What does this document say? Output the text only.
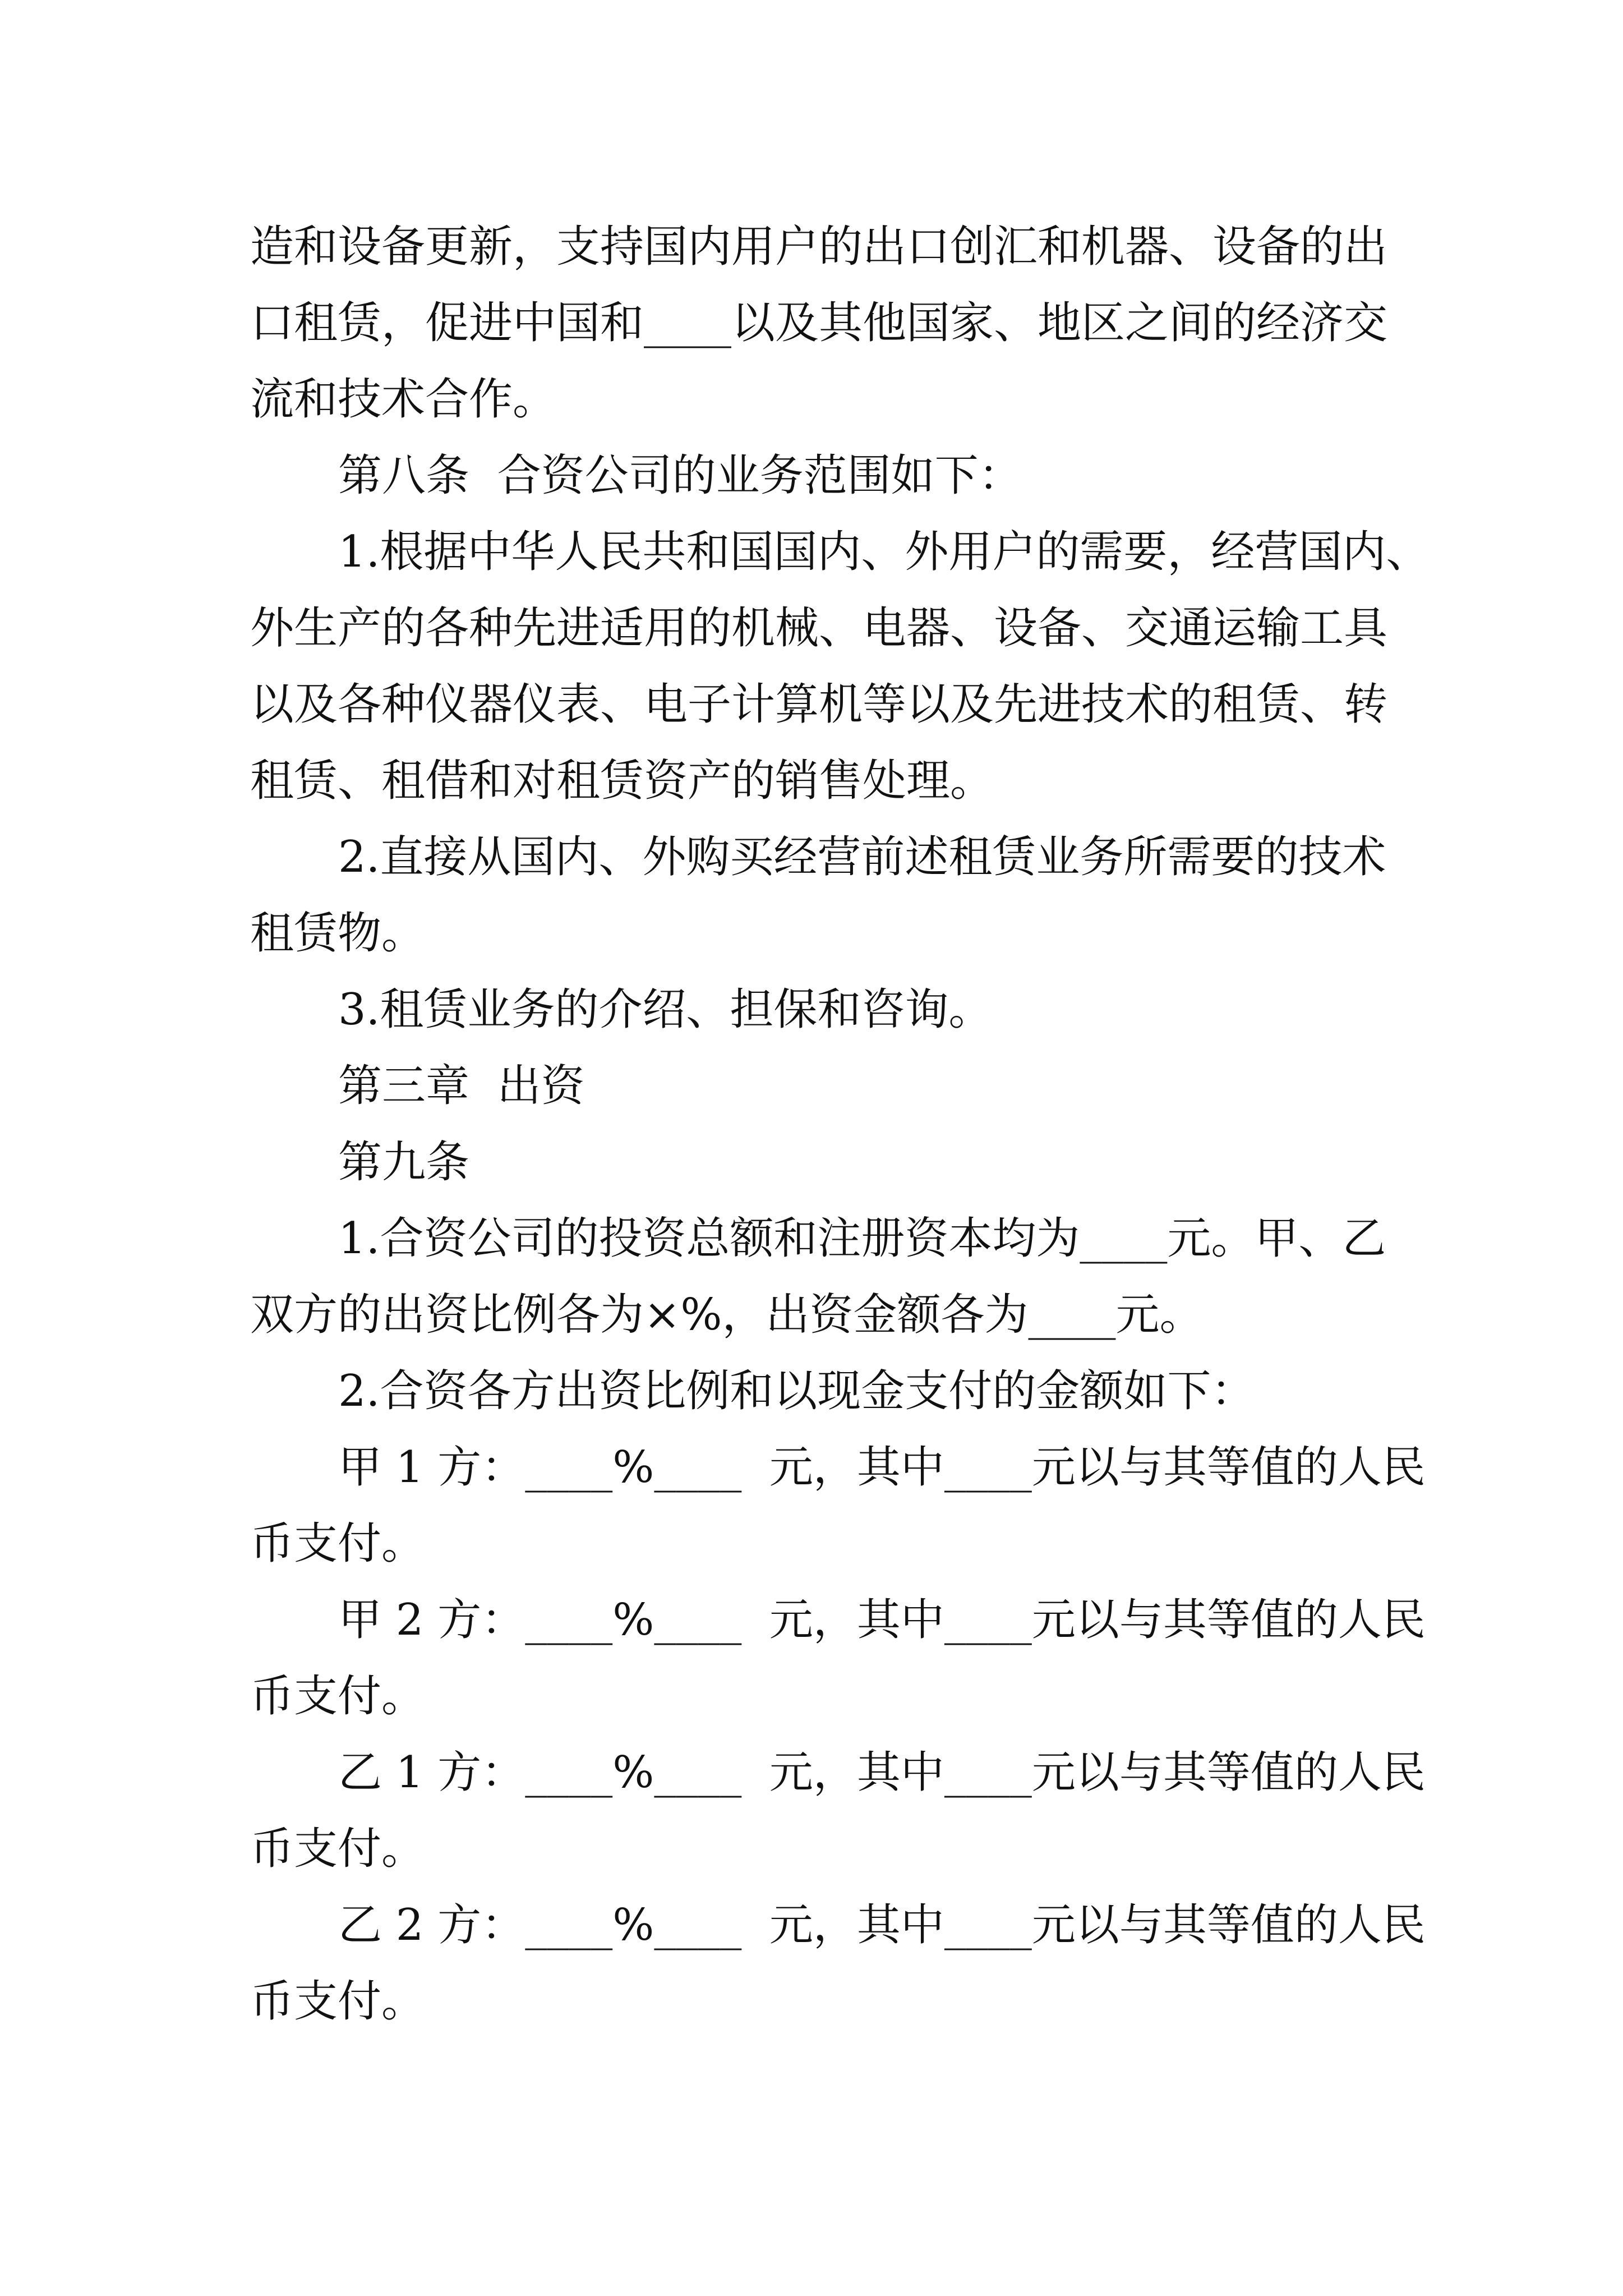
造和设备更新，支持国内用户的出口创汇和机器、设备的出
口租赁，促进中国和____以及其他国家、地区之间的经济交
流和技术合作。
第八条  合资公司的业务范围如下：
1.根据中华人民共和国国内、外用户的需要，经营国内、
外生产的各种先进适用的机械、电器、设备、交通运输工具
以及各种仪器仪表、电子计算机等以及先进技术的租赁、转
租赁、租借和对租赁资产的销售处理。
2.直接从国内、外购买经营前述租赁业务所需要的技术
租赁物。
3.租赁业务的介绍、担保和咨询。
第三章  出资
第九条
1.合资公司的投资总额和注册资本均为____元。甲、乙
双方的出资比例各为×%，出资金额各为____元。
2.合资各方出资比例和以现金支付的金额如下：
甲 1 方：____%____  元，其中____元以与其等值的人民
币支付。
甲 2 方：____%____  元，其中____元以与其等值的人民
币支付。
乙 1 方：____%____  元，其中____元以与其等值的人民
币支付。
乙 2 方：____%____  元，其中____元以与其等值的人民
币支付。
